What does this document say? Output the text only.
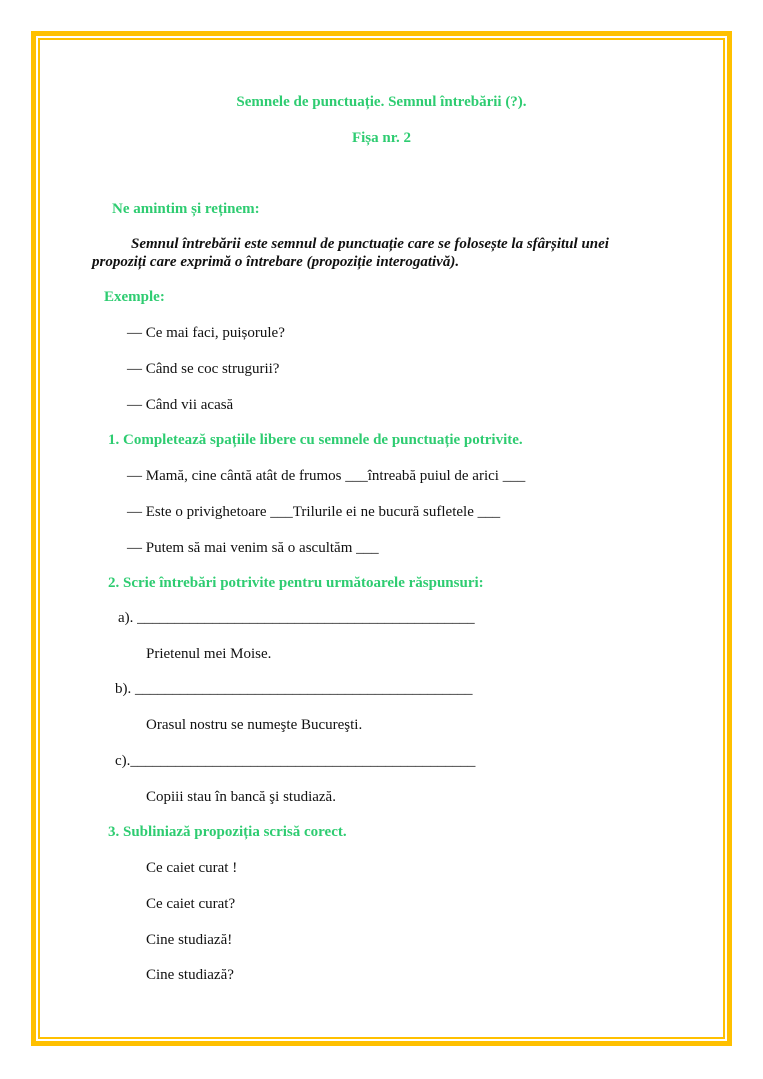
Semnele de punctuație. Semnul întrebării (?).
Fișa nr. 2
Ne amintim și reținem:
Semnul întrebării este semnul de punctuație care se folosește la sfârșitul unei
propoziți care exprimă o întrebare (propoziție interogativă).
Exemple:
— Ce mai faci, puișorule?
— Când se coc strugurii?
— Când vii acasă
1. Completează spațiile libere cu semnele de punctuație potrivite.
— Mamă, cine cântă atât de frumos ___întreabă puiul de arici ___
— Este o privighetoare ___Trilurile ei ne bucură sufletele ___
— Putem să mai venim să o ascultăm ___
2. Scrie întrebări potrivite pentru următoarele răspunsuri:
a). _____________________________________________
Prietenul mei Moise.
b). _____________________________________________
Orasul nostru se numeşte Bucureşti.
c).______________________________________________
Copiii stau în bancă şi studiază.
3. Subliniază propoziția scrisă corect.
Ce caiet curat !
Ce caiet curat?
Cine studiază!
Cine studiază?
